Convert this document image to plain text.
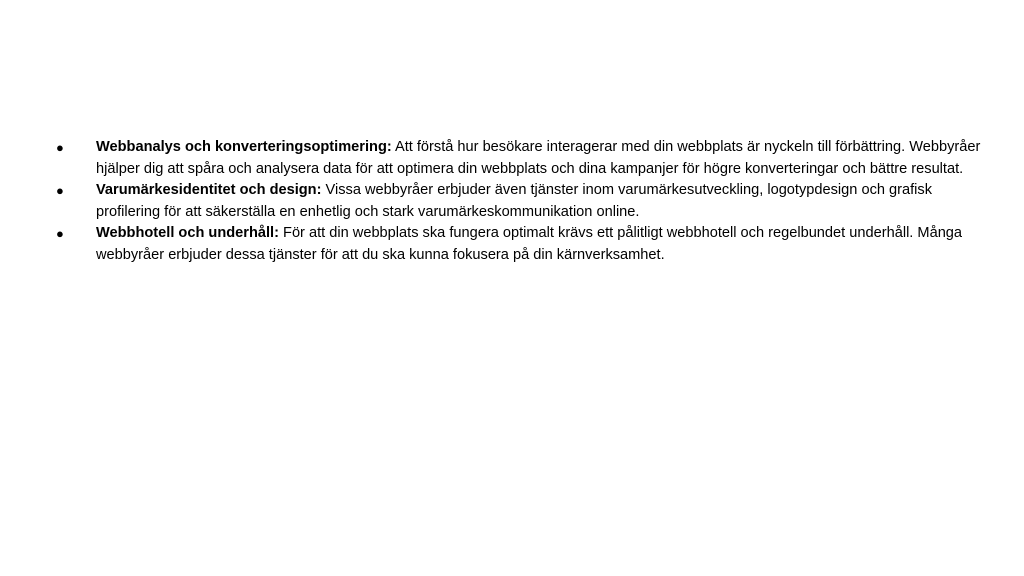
●	Webbanalys och konverteringsoptimering: Att förstå hur besökare interagerar med din webbplats är nyckeln till förbättring. Webbyråer hjälper dig att spåra och analysera data för att optimera din webbplats och dina kampanjer för högre konverteringar och bättre resultat.
●	Varumärkesidentitet och design: Vissa webbyråer erbjuder även tjänster inom varumärkesutveckling, logotypdesign och grafisk profilering för att säkerställa en enhetlig och stark varumärkeskommunikation online.
●	Webbhotell och underhåll: För att din webbplats ska fungera optimalt krävs ett pålitligt webbhotell och regelbundet underhåll. Många webbyråer erbjuder dessa tjänster för att du ska kunna fokusera på din kärnverksamhet.
